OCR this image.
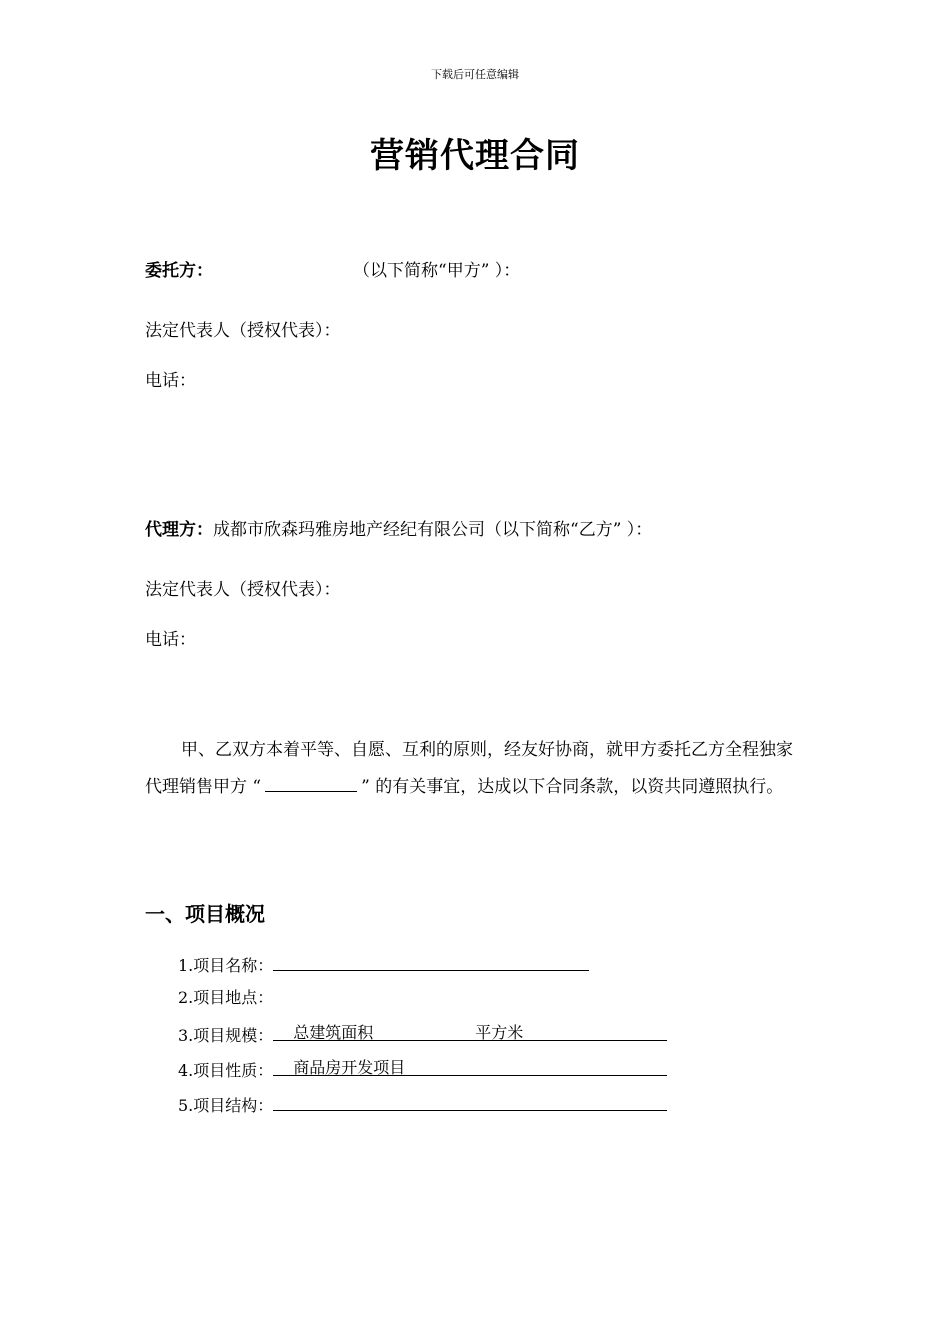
下载后可任意编辑
营销代理合同
委托方：	（以下简称“甲方” ）：
法定代表人（授权代表）：
电话：
代理方：成都市欣森玛雅房地产经纪有限公司（以下简称“乙方” ）：
法定代表人（授权代表）：
电话：
甲、乙双方本着平等、自愿、互利的原则，经友好协商，就甲方委托乙方全程独家代理销售甲方 “	” 的有关事宜，达成以下合同条款，以资共同遵照执行。
一、项目概况
1.项目名称：
2.项目地点：
3.项目规模： 总建筑面积	平方米
4.项目性质： 商品房开发项目
5.项目结构：
